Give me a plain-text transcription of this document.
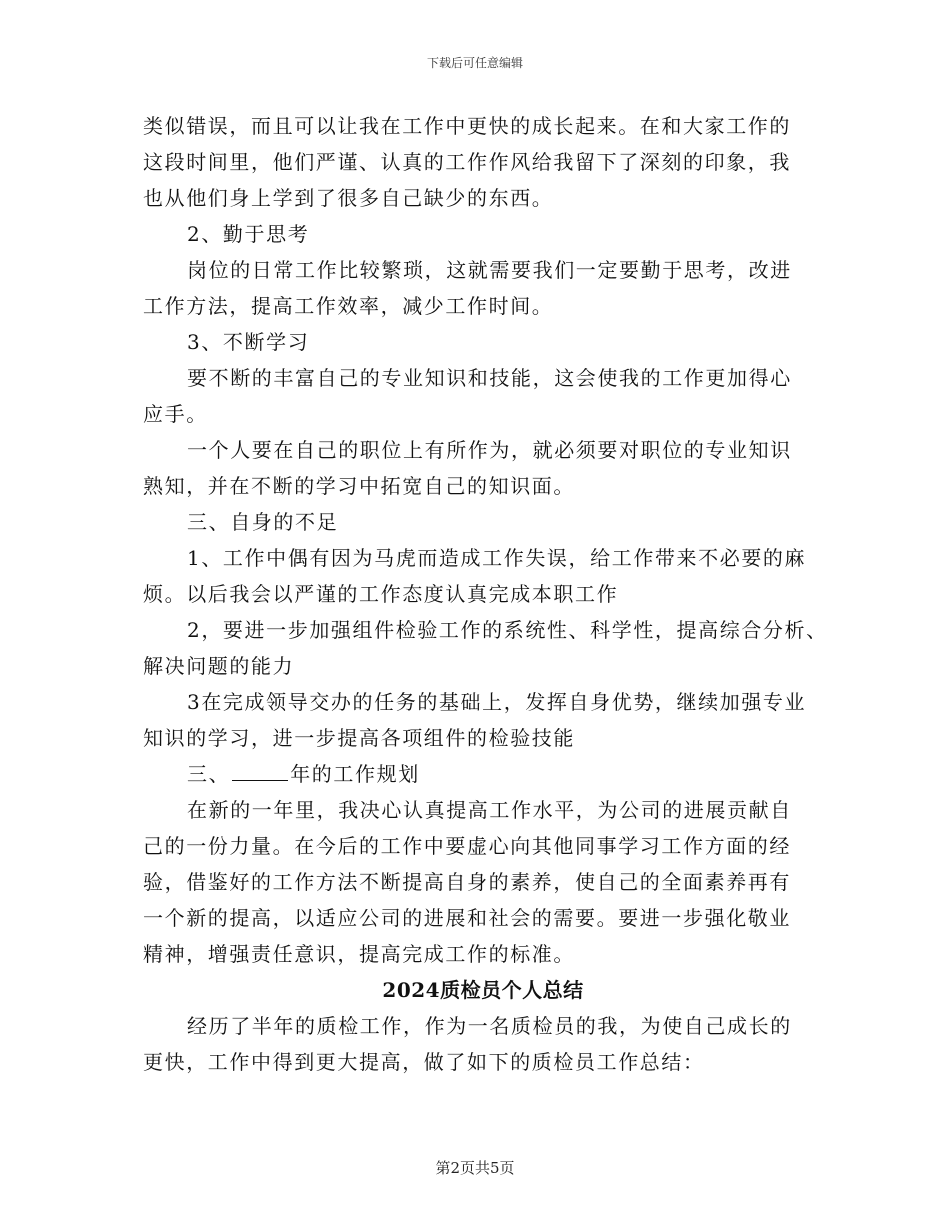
下载后可任意编辑
类似错误，而且可以让我在工作中更快的成长起来。在和大家工作的
这段时间里，他们严谨、认真的工作作风给我留下了深刻的印象，我
也从他们身上学到了很多自己缺少的东西。
2、勤于思考
岗位的日常工作比较繁琐，这就需要我们一定要勤于思考，改进
工作方法，提高工作效率，减少工作时间。
3、不断学习
要不断的丰富自己的专业知识和技能，这会使我的工作更加得心
应手。
一个人要在自己的职位上有所作为，就必须要对职位的专业知识
熟知，并在不断的学习中拓宽自己的知识面。
三、自身的不足
1、工作中偶有因为马虎而造成工作失误，给工作带来不必要的麻
烦。以后我会以严谨的工作态度认真完成本职工作
2，要进一步加强组件检验工作的系统性、科学性，提高综合分析、
解决问题的能力
3在完成领导交办的任务的基础上，发挥自身优势，继续加强专业
知识的学习，进一步提高各项组件的检验技能
三、	年的工作规划
在新的一年里，我决心认真提高工作水平，为公司的进展贡献自
己的一份力量。在今后的工作中要虚心向其他同事学习工作方面的经
验，借鉴好的工作方法不断提高自身的素养，使自己的全面素养再有
一个新的提高，以适应公司的进展和社会的需要。要进一步强化敬业
精神，增强责任意识，提高完成工作的标准。
2024质检员个人总结
经历了半年的质检工作，作为一名质检员的我，为使自己成长的
更快，工作中得到更大提高，做了如下的质检员工作总结：
第2页共5页
